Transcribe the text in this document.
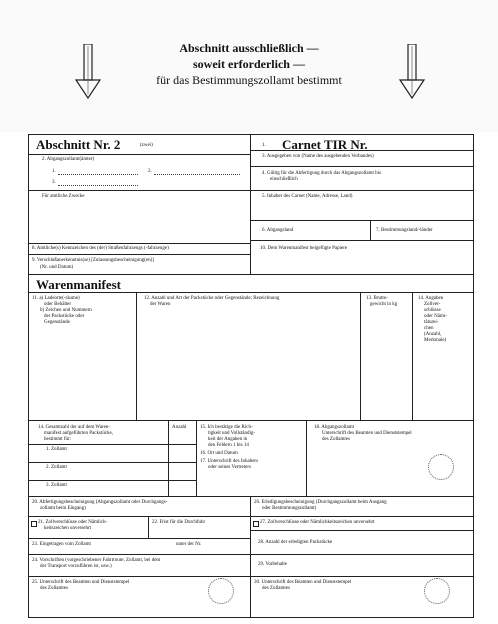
Abschnitt ausschließlich —
soweit erforderlich —
für das Bestimmungszollamt bestimmt
Abschnitt Nr. 2	(zwei)
2. Abgangszollamt(ämter)
1.	2.
3.
Für amtliche Zwecke
8. Amtliche(s) Kennzeichen des (der) Straßenfahrzeugs (-fahrzeuge)
9. Verschlußanerkenntnis(se) [Zulassungsbescheinigung(en)]
(Nr. und Datum)
1. Carnet TIR Nr.
3. Ausgegeben von (Name des ausgebenden Verbandes)
4. Gültig für die Abfertigung durch das Abgangszollamt bis
einschließlich
5. Inhaber des Carnet (Name, Adresse, Land)
6. Abgangsland	7. Bestimmungsland/-länder
10. Dem Warenmanifest beigefügte Papiere
Warenmanifest
11. a) Ladeorte(-räume)
oder Behälter
b) Zeichen und Nummern
der Packstücke oder
Gegenstände
12. Anzahl und Art der Packstücke oder Gegenstände; Bezeichnung
der Waren
13. Brutto-
gewicht in kg
14. Angaben
Zollver-
schlüsse
oder Nämi-
tätszei-
chen
(Anzahl,
Merkmale)
14. Gesamtzahl der auf dem Waren-
manifest aufgeführten Packstücke,
bestimmt für:
Anzahl
1. Zollamt
2. Zollamt
3. Zollamt
15. Ich bestätige die Rich-
tigkeit und Vollständig-
keit der Angaben in
den Feldern 1 bis 14
16. Ort und Datum
17. Unterschrift des Inhabers
oder seines Vertreters
18. Abgangszollamt
Unterschrift des Beamten und Dienststempel
des Zollamtes
20. Abfertigungsbescheinigung (Abgangszollamt oder Durchgangs-
zollamt beim Eingang)
21. Zollverschlüsse oder Nämlich-
keitszeichen unversehrt
22. Frist für die Durchfuhr
23. Eingetragen vom Zollamt	unter der Nr.
24. Vorschriften (vorgeschriebener Fahrtroute; Zollamt, bei dem
der Transport vorzuführen ist, usw.)
25. Unterschrift des Beamten und Dienststempel
des Zollamtes
26. Erledigungsbescheinigung (Durchgangszollamt beim Ausgang
oder Bestimmungszollamt)
27. Zollverschlüsse oder Nämlichkeitszeichen unversehrt
28. Anzahl der erledigten Packstücke
29. Vorbehalte
30. Unterschrift des Beamten und Dienststempel
des Zollamtes
